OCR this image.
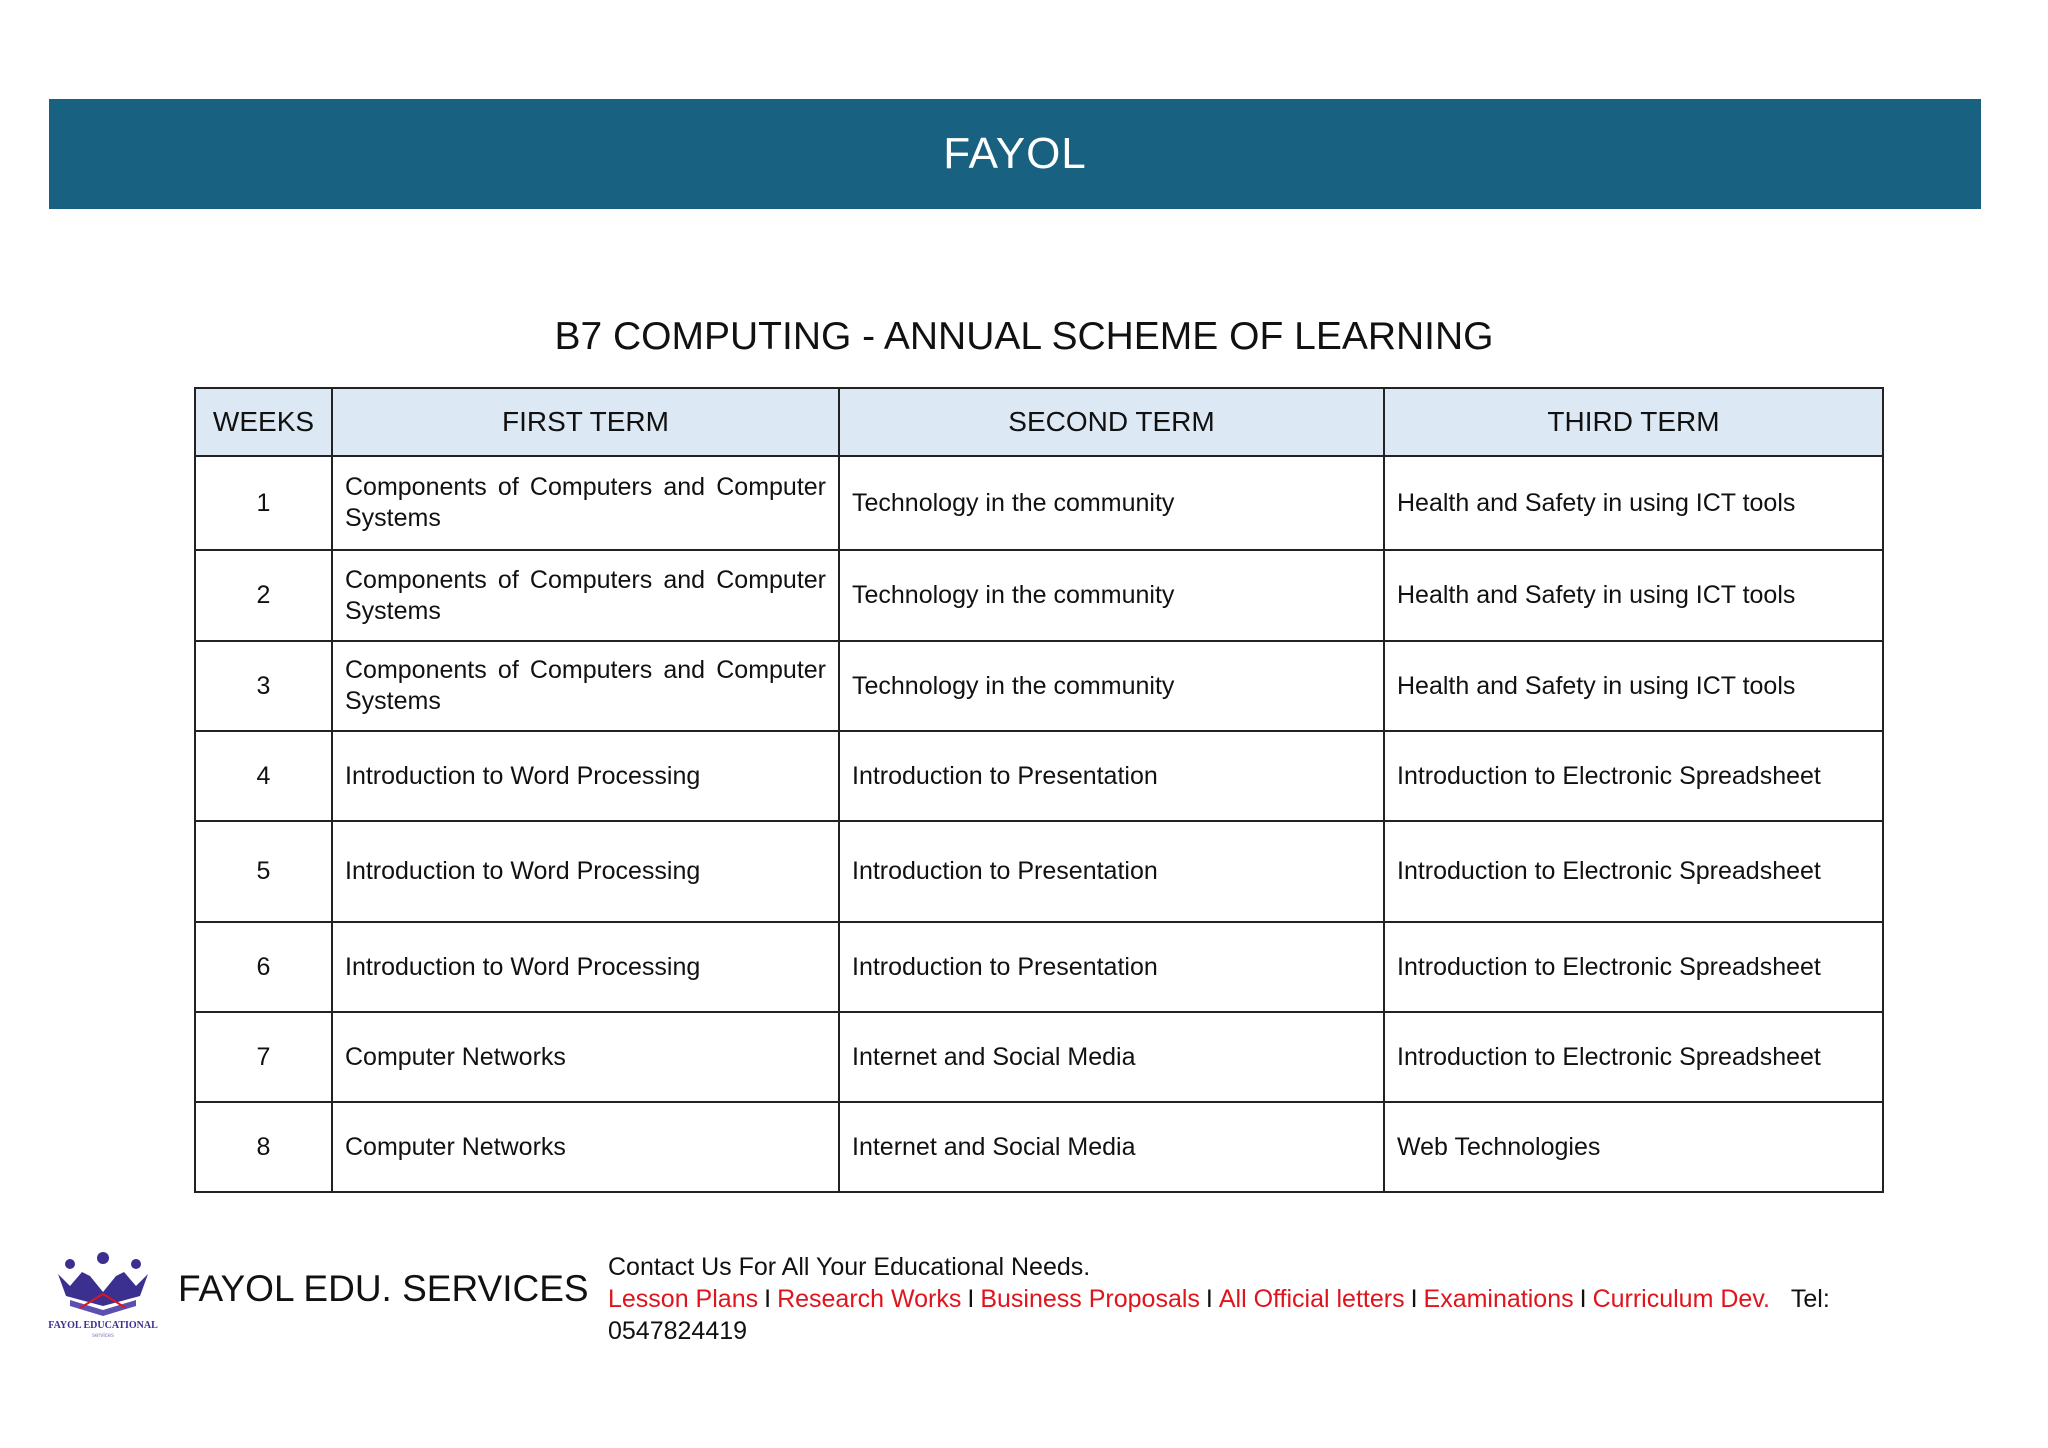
FAYOL
B7 COMPUTING - ANNUAL SCHEME OF LEARNING
WEEKS	FIRST TERM	SECOND TERM	THIRD TERM
1	Components of Computers and Computer Systems	Technology in the community	Health and Safety in using ICT tools
2	Components of Computers and Computer Systems	Technology in the community	Health and Safety in using ICT tools
3	Components of Computers and Computer Systems	Technology in the community	Health and Safety in using ICT tools
4	Introduction to Word Processing	Introduction to Presentation	Introduction to Electronic Spreadsheet
5	Introduction to Word Processing	Introduction to Presentation	Introduction to Electronic Spreadsheet
6	Introduction to Word Processing	Introduction to Presentation	Introduction to Electronic Spreadsheet
7	Computer Networks	Internet and Social Media	Introduction to Electronic Spreadsheet
8	Computer Networks	Internet and Social Media	Web Technologies
FAYOL EDUCATIONAL
services
FAYOL EDU. SERVICES
Contact Us For All Your Educational Needs.
Lesson Plans I Research Works I Business Proposals I All Official letters I Examinations I Curriculum Dev. Tel:
0547824419
